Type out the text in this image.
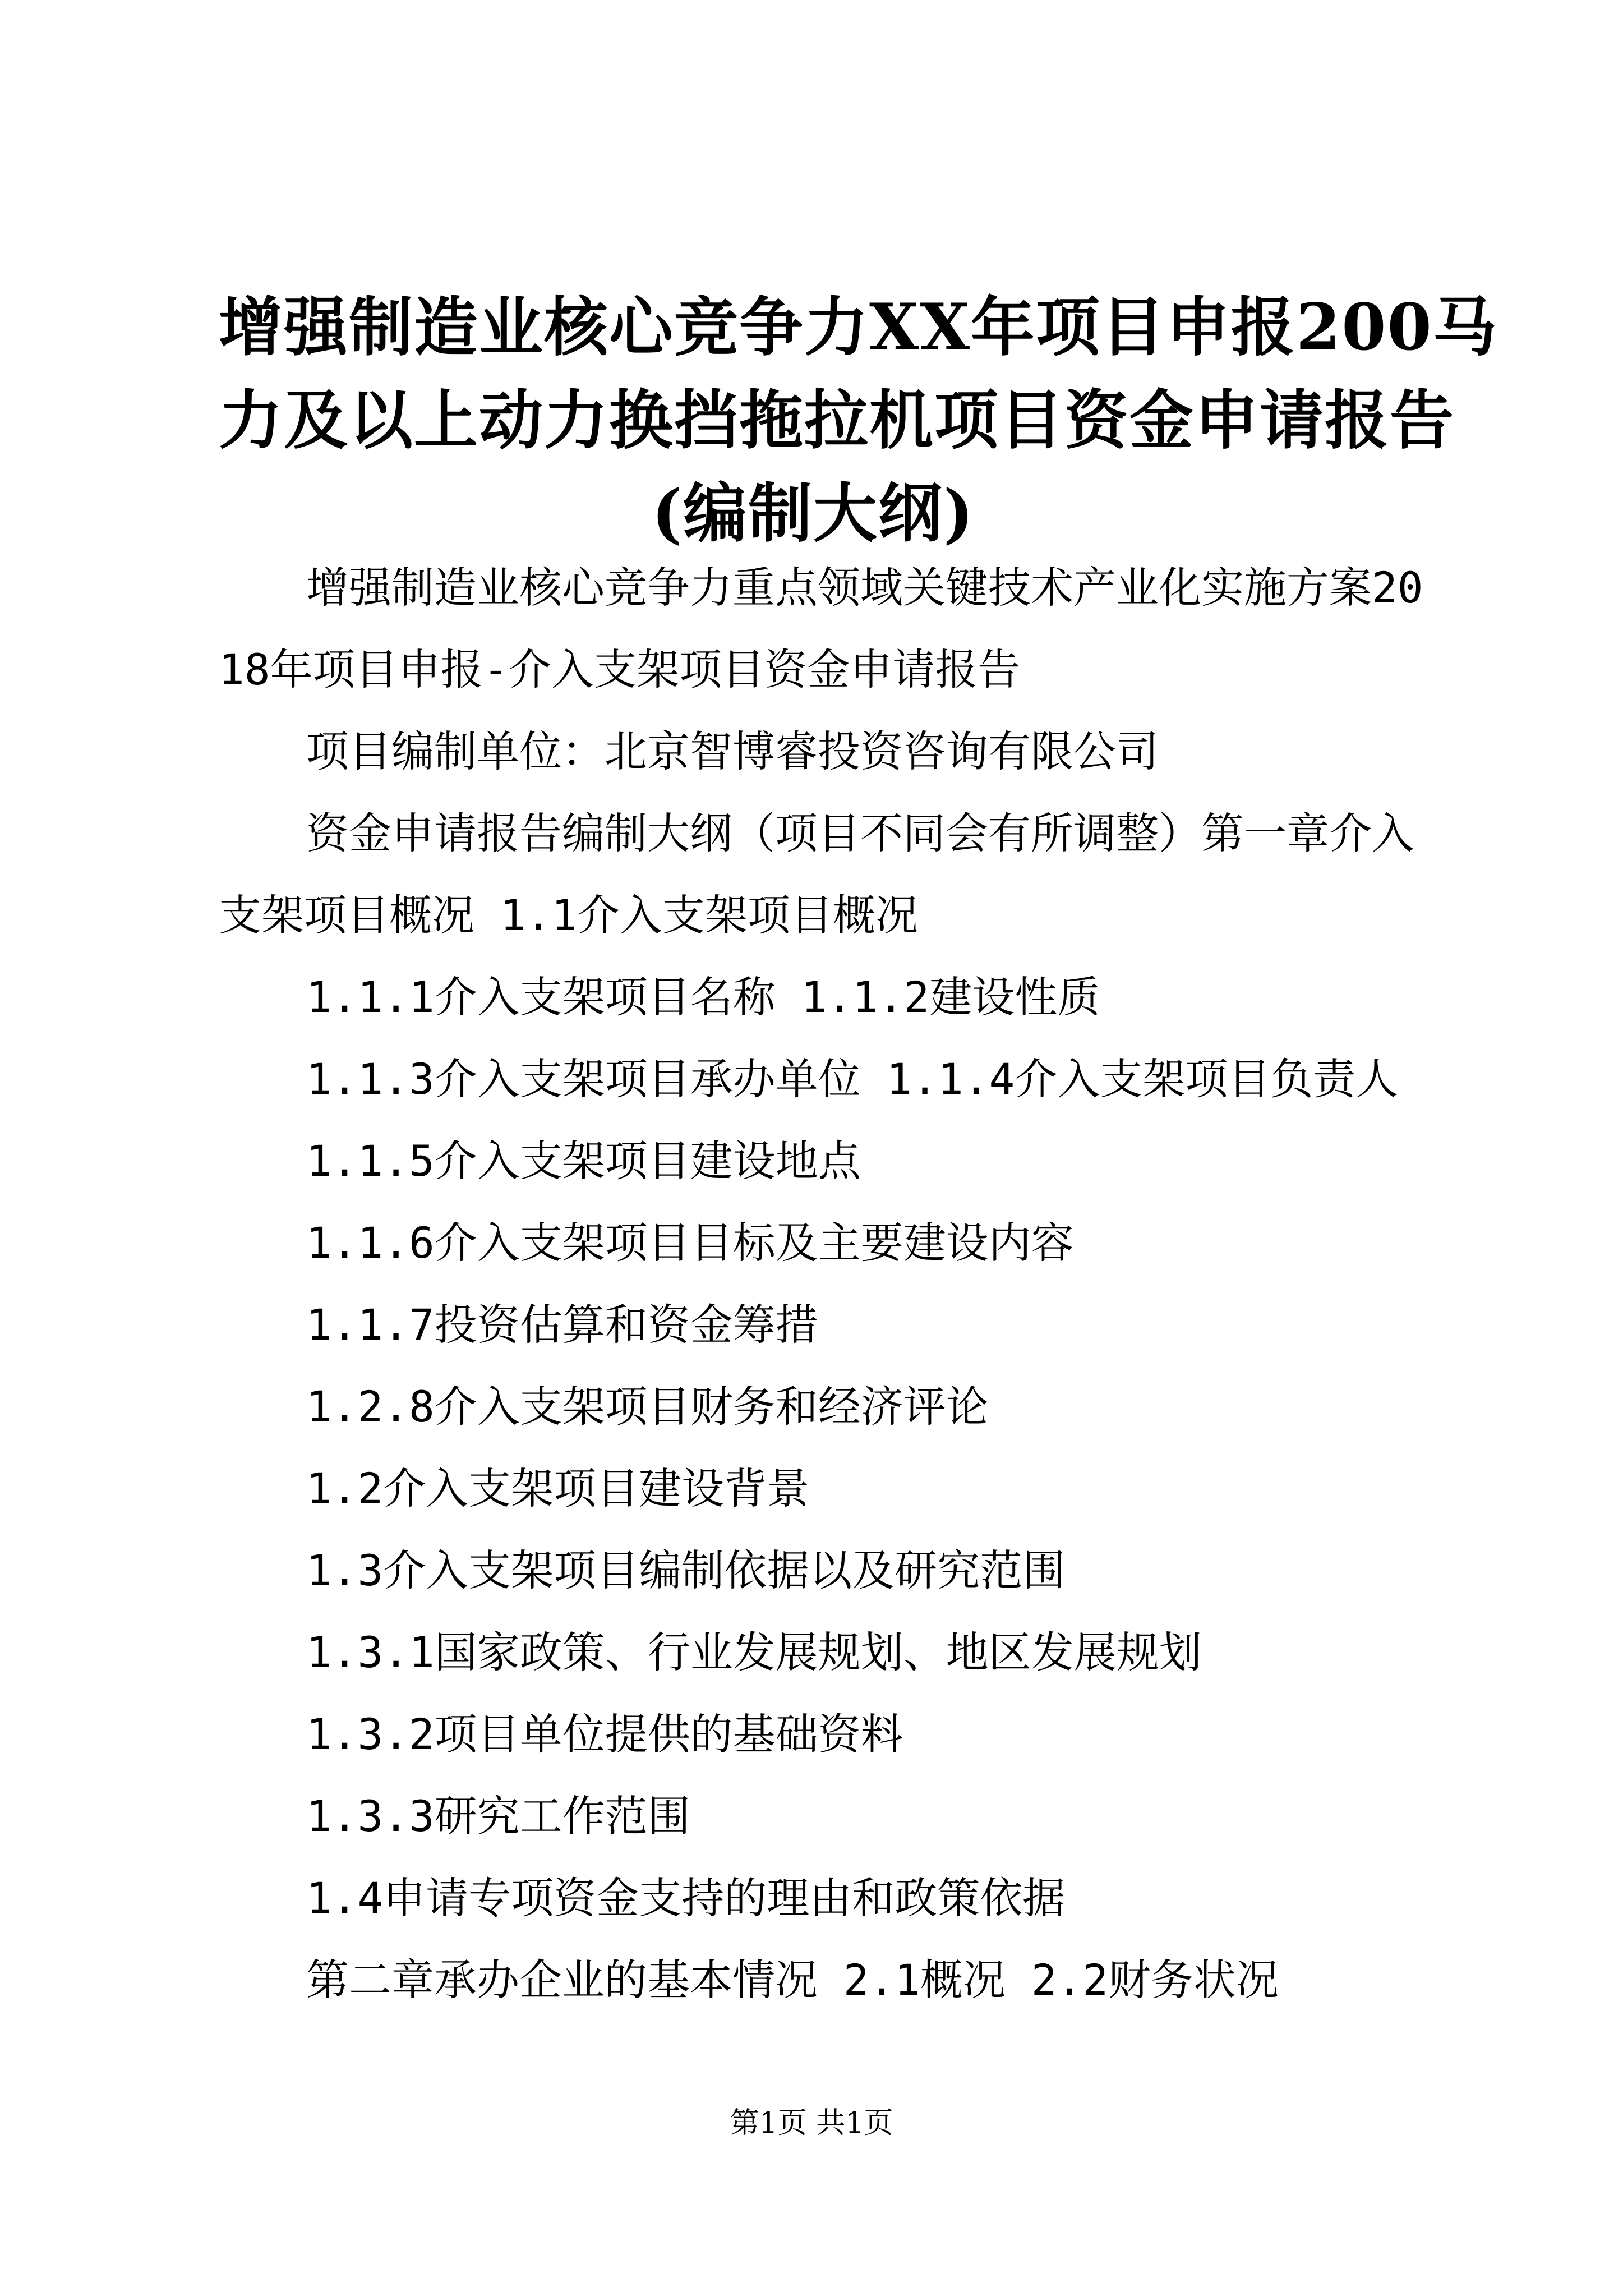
增强制造业核心竞争力XX年项目申报200马
力及以上动力换挡拖拉机项目资金申请报告
(编制大纲)

增强制造业核心竞争力重点领域关键技术产业化实施方案2018年项目申报-介入支架项目资金申请报告

项目编制单位：北京智博睿投资咨询有限公司

资金申请报告编制大纲（项目不同会有所调整）第一章介入支架项目概况 1.1介入支架项目概况

1.1.1介入支架项目名称 1.1.2建设性质

1.1.3介入支架项目承办单位 1.1.4介入支架项目负责人

1.1.5介入支架项目建设地点

1.1.6介入支架项目目标及主要建设内容

1.1.7投资估算和资金筹措

1.2.8介入支架项目财务和经济评论

1.2介入支架项目建设背景

1.3介入支架项目编制依据以及研究范围

1.3.1国家政策、行业发展规划、地区发展规划

1.3.2项目单位提供的基础资料

1.3.3研究工作范围

1.4申请专项资金支持的理由和政策依据

第二章承办企业的基本情况 2.1概况 2.2财务状况

第1页 共1页
